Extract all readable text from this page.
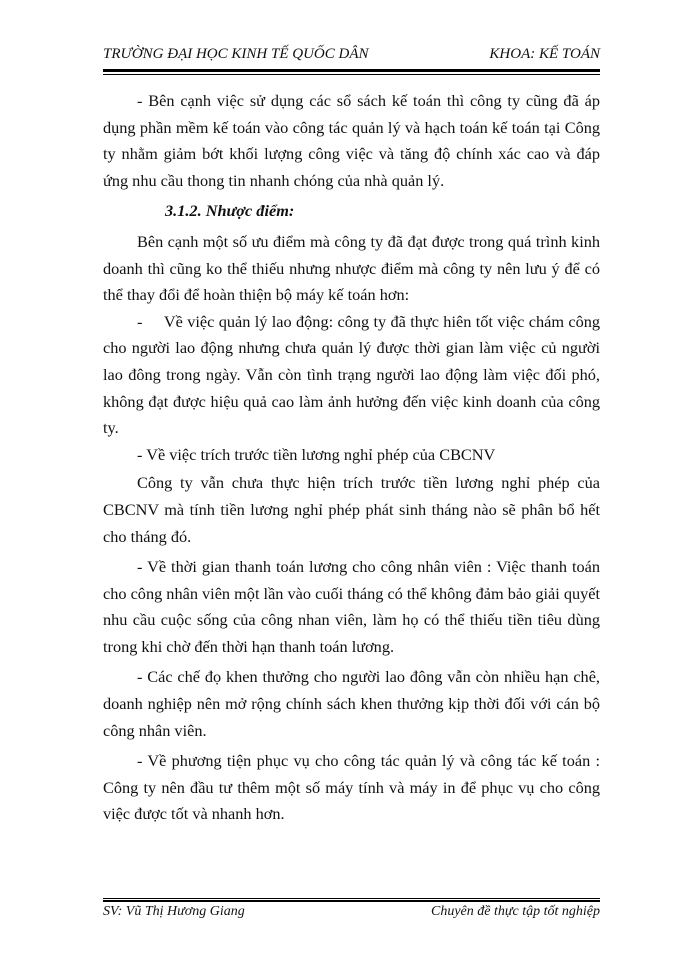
TRƯỜNG ĐẠI HỌC KINH TẾ QUỐC DÂN	KHOA: KẾ TOÁN

- Bên cạnh việc sử dụng các sổ sách kế toán thì công ty cũng đã áp dụng phần mềm kế toán vào công tác quản lý và hạch toán kế toán tại Công ty nhằm giảm bớt khối lượng công việc và tăng độ chính xác cao và đáp ứng nhu cầu thong tin nhanh chóng của nhà quản lý.

3.1.2. Nhược điểm:

Bên cạnh một số ưu điểm mà công ty đã đạt được trong quá trình kinh doanh thì cũng ko thể thiếu nhưng nhược điểm mà công ty nên lưu ý để có thể thay đổi để hoàn thiện bộ máy kế toán hơn:

-     Về việc quản lý lao động: công ty đã thực hiên tốt việc chám công cho người lao động nhưng chưa quản lý được thời gian làm việc củ người lao đông trong ngày. Vẫn còn tình trạng người lao động làm việc đối phó, không đạt được hiệu quả cao làm ảnh hưởng đến việc kinh doanh của công ty.

- Về việc trích trước tiền lương nghỉ phép của CBCNV

Công ty vẫn chưa thực hiện trích trước tiền lương nghỉ phép của CBCNV mà tính tiền lương nghỉ phép phát sinh tháng nào sẽ phân bổ hết cho tháng đó.

- Về thời gian thanh toán lương cho công nhân viên : Việc thanh toán cho công nhân viên một lần vào cuối tháng có thể không đảm bảo giải quyết nhu cầu cuộc sống của công nhan viên, làm họ có thể thiếu tiền tiêu dùng trong khi chờ đến thời hạn thanh toán lương.

- Các chế đọ khen thưởng cho người lao đông vẫn còn nhiều hạn chê, doanh nghiệp nên mở rộng chính sách khen thưởng kịp thời đối với cán bộ công nhân viên.

- Về phương tiện phục vụ cho công tác quản lý và công tác kế toán : Công ty nên đầu tư thêm một số máy tính và máy in để phục vụ cho công việc được tốt và nhanh hơn.

SV: Vũ Thị Hương Giang	Chuyên đề thực tập tốt nghiệp
